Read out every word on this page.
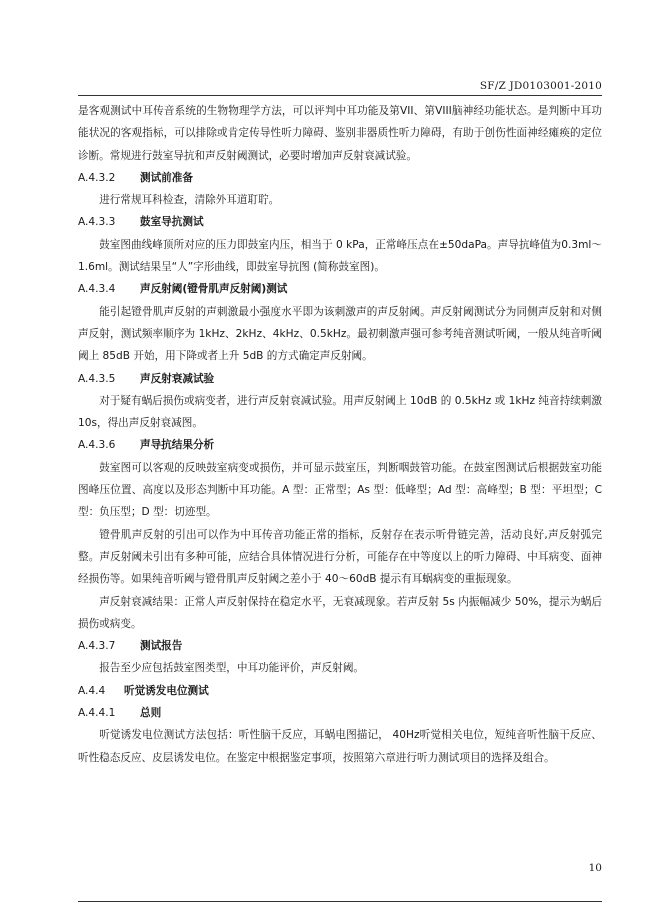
SF/Z JD0103001-2010

是客观测试中耳传音系统的生物物理学方法，可以评判中耳功能及第VII、第VIII脑神经功能状态。是判断中耳功能状况的客观指标，可以排除或肯定传导性听力障碍、鉴别非器质性听力障碍，有助于创伤性面神经瘫痪的定位诊断。常规进行鼓室导抗和声反射阈测试，必要时增加声反射衰减试验。

A.4.3.2 测试前准备

进行常规耳科检查，清除外耳道耵聍。

A.4.3.3 鼓室导抗测试

鼓室图曲线峰顶所对应的压力即鼓室内压，相当于 0 kPa，正常峰压点在±50daPa。声导抗峰值为0.3ml～1.6ml。测试结果呈“人”字形曲线，即鼓室导抗图 (简称鼓室图)。

A.4.3.4 声反射阈(镫骨肌声反射阈)测试

能引起镫骨肌声反射的声刺激最小强度水平即为该刺激声的声反射阈。声反射阈测试分为同侧声反射和对侧声反射，测试频率顺序为 1kHz、2kHz、4kHz、0.5kHz。最初刺激声强可参考纯音测试听阈，一般从纯音听阈阈上 85dB 开始，用下降或者上升 5dB 的方式确定声反射阈。

A.4.3.5 声反射衰减试验

对于疑有蜗后损伤或病变者，进行声反射衰减试验。用声反射阈上 10dB 的 0.5kHz 或 1kHz 纯音持续刺激 10s，得出声反射衰减图。

A.4.3.6 声导抗结果分析

鼓室图可以客观的反映鼓室病变或损伤，并可显示鼓室压，判断咽鼓管功能。在鼓室图测试后根据鼓室功能图峰压位置、高度以及形态判断中耳功能。A 型：正常型；As 型：低峰型；Ad 型：高峰型；B 型：平坦型；C 型：负压型；D 型：切迹型。

镫骨肌声反射的引出可以作为中耳传音功能正常的指标，反射存在表示听骨链完善，活动良好,声反射弧完整。声反射阈未引出有多种可能，应结合具体情况进行分析，可能存在中等度以上的听力障碍、中耳病变、面神经损伤等。如果纯音听阈与镫骨肌声反射阈之差小于 40～60dB 提示有耳蜗病变的重振现象。

声反射衰减结果：正常人声反射保持在稳定水平，无衰减现象。若声反射 5s 内振幅减少 50%，提示为蜗后损伤或病变。

A.4.3.7 测试报告

报告至少应包括鼓室图类型，中耳功能评价，声反射阈。

A.4.4 听觉诱发电位测试
A.4.4.1 总则

听觉诱发电位测试方法包括：听性脑干反应，耳蜗电图描记， 40Hz听觉相关电位，短纯音听性脑干反应、听性稳态反应、皮层诱发电位。在鉴定中根据鉴定事项，按照第六章进行听力测试项目的选择及组合。

10
